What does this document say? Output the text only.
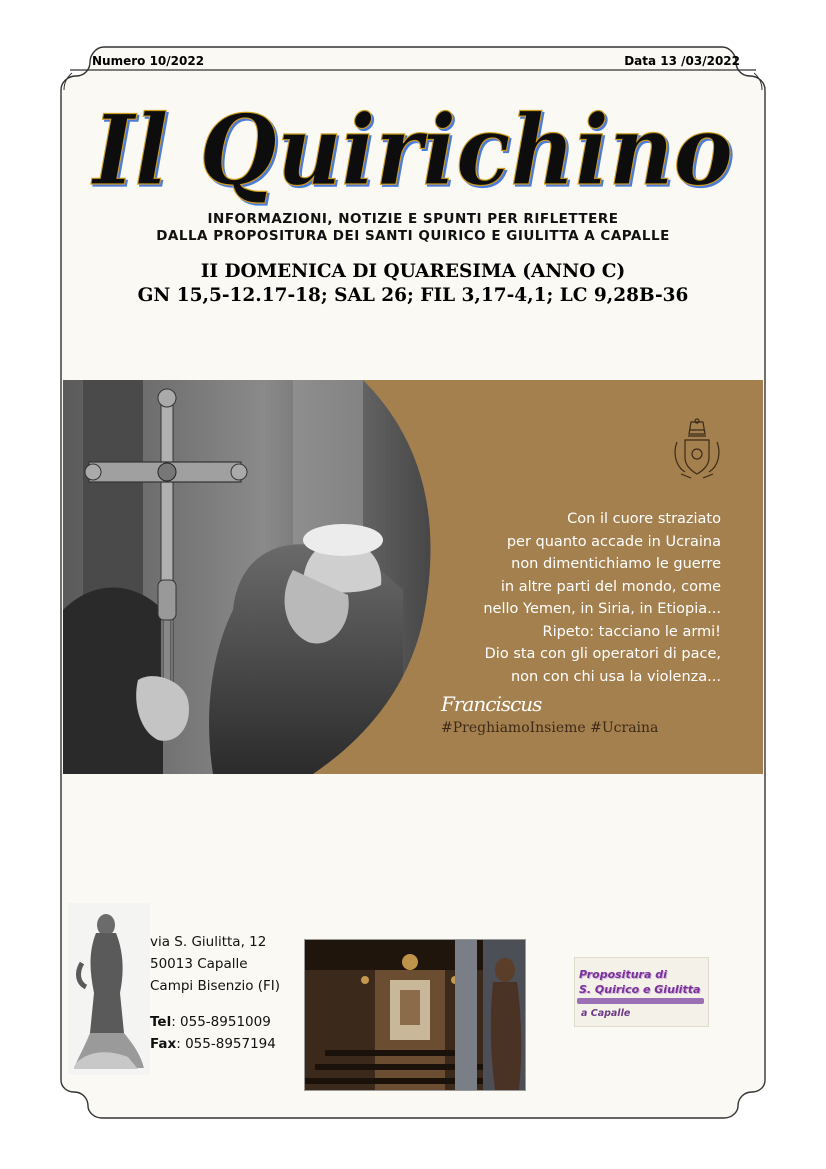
Numero 10/2022	Data 13 /03/2022
Il Quirichino
INFORMAZIONI, NOTIZIE E SPUNTI PER RIFLETTERE
DALLA PROPOSITURA DEI SANTI QUIRICO E GIULITTA A CAPALLE
II DOMENICA DI QUARESIMA (ANNO C)
GN 15,5-12.17-18; SAL 26; FIL 3,17-4,1; LC 9,28B-36
Con il cuore straziato
per quanto accade in Ucraina
non dimentichiamo le guerre
in altre parti del mondo, come
nello Yemen, in Siria, in Etiopia...
Ripeto: tacciano le armi!
Dio sta con gli operatori di pace,
non con chi usa la violenza...
Franciscus
#PreghiamoInsieme #Ucraina
via S. Giulitta, 12
50013 Capalle
Campi Bisenzio (FI)
Tel: 055-8951009
Fax: 055-8957194
Propositura di
S. Quirico e Giulitta
a Capalle
